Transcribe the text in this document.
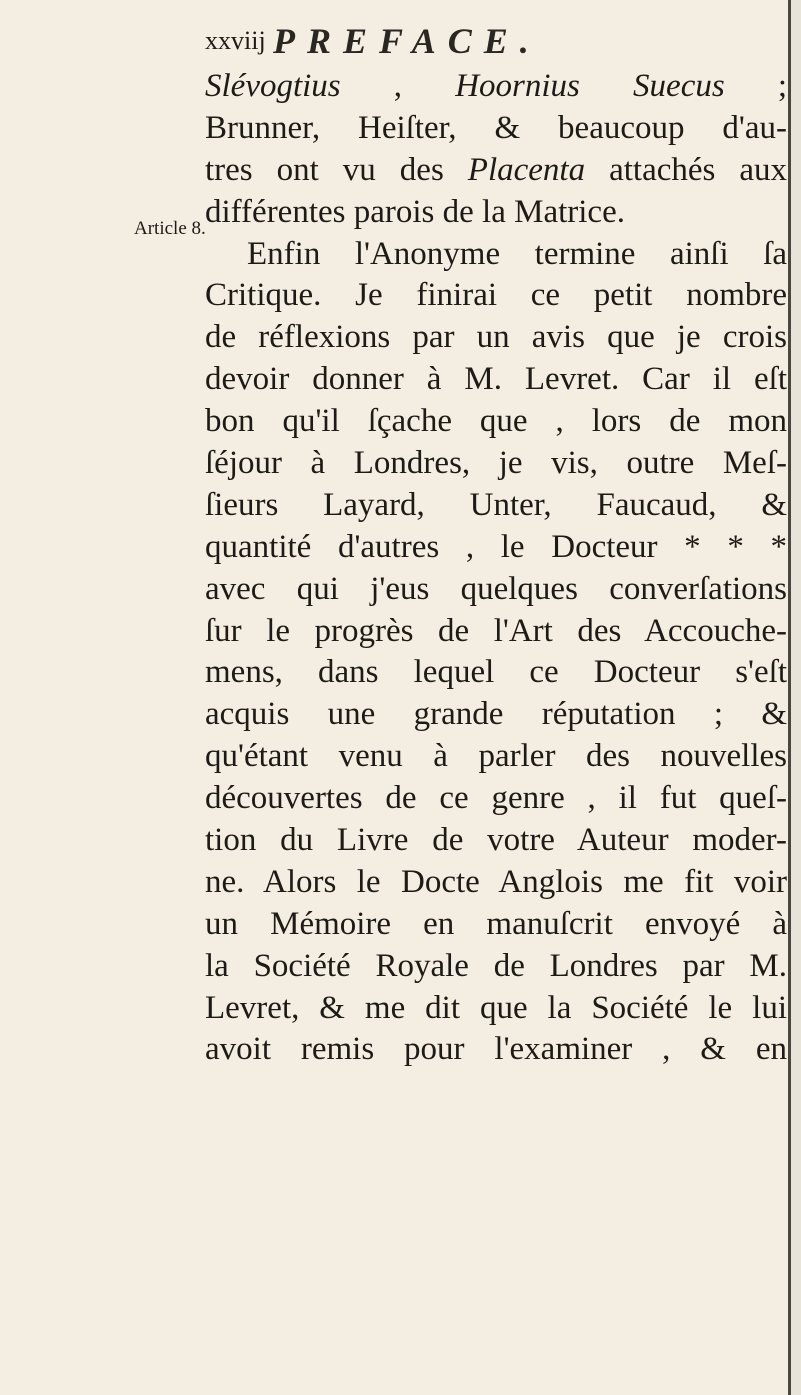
xxviij PREFACE.
Article 8.
Slévogtius , Hoornius Suecus ;
Brunner, Heiſter, & beaucoup d'au-
tres ont vu des Placenta attachés aux
différentes parois de la Matrice.
Enfin l'Anonyme termine ainſi ſa
Critique. Je finirai ce petit nombre
de réflexions par un avis que je crois
devoir donner à M. Levret. Car il eſt
bon qu'il ſçache que , lors de mon
ſéjour à Londres, je vis, outre Meſ-
ſieurs Layard, Unter, Faucaud, &
quantité d'autres , le Docteur * * *
avec qui j'eus quelques converſations
ſur le progrès de l'Art des Accouche-
mens, dans lequel ce Docteur s'eſt
acquis une grande réputation ; &
qu'étant venu à parler des nouvelles
découvertes de ce genre , il fut queſ-
tion du Livre de votre Auteur moder-
ne. Alors le Docte Anglois me fit voir
un Mémoire en manuſcrit envoyé à
la Société Royale de Londres par M.
Levret, & me dit que la Société le lui
avoit remis pour l'examiner , & en
